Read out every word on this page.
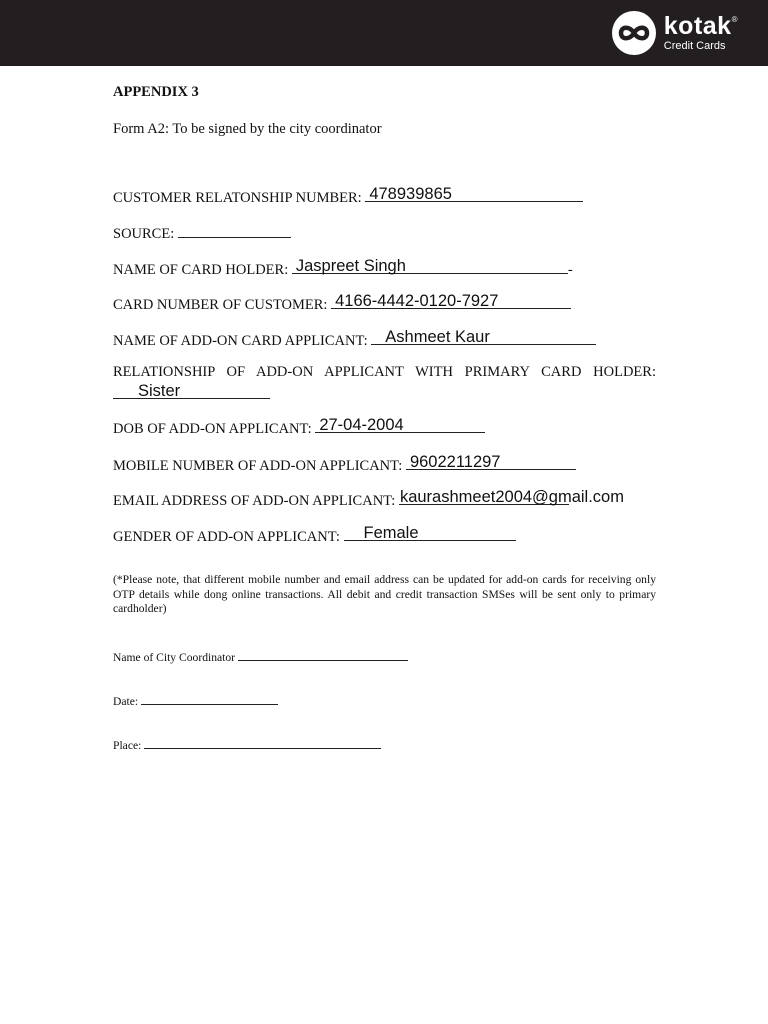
kotak®
Credit Cards
APPENDIX 3
Form A2: To be signed by the city coordinator
CUSTOMER RELATONSHIP NUMBER: 478939865
SOURCE:
NAME OF CARD HOLDER: Jaspreet Singh	-
CARD NUMBER OF CUSTOMER: 4166-4442-0120-7927
NAME OF ADD-ON CARD APPLICANT: Ashmeet Kaur
RELATIONSHIP OF ADD-ON APPLICANT WITH PRIMARY CARD HOLDER:
Sister
DOB OF ADD-ON APPLICANT: 27-04-2004
MOBILE NUMBER OF ADD-ON APPLICANT: 9602211297
EMAIL ADDRESS OF ADD-ON APPLICANT: kaurashmeet2004@gmail.com
GENDER OF ADD-ON APPLICANT: Female
(*Please note, that different mobile number and email address can be updated for add-on cards for receiving only OTP details while dong online transactions. All debit and credit transaction SMSes will be sent only to primary cardholder)
Name of City Coordinator
Date:
Place:
